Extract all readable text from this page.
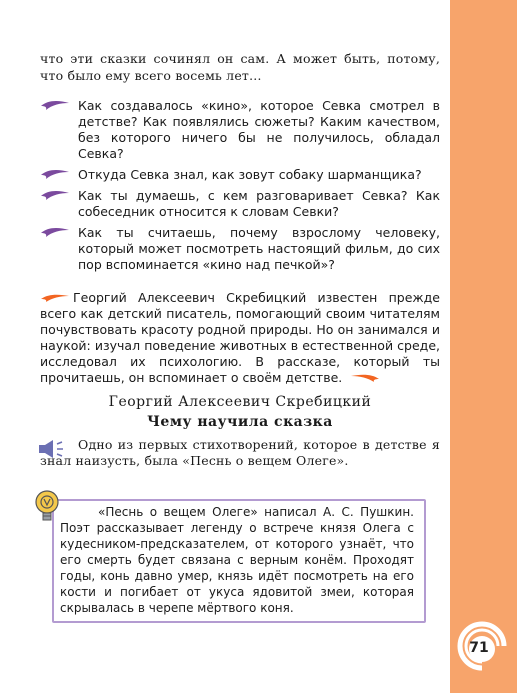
что эти сказки сочинял он сам. А может быть, потому, что было ему всего восемь лет…
Как создавалось «кино», которое Севка смотрел в детстве? Как появлялись сюжеты? Каким качеством, без которого ничего бы не получилось, обладал Севка?
Откуда Севка знал, как зовут собаку шарманщика?
Как ты думаешь, с кем разговаривает Севка? Как собеседник относится к словам Севки?
Как ты считаешь, почему взрослому человеку, который может посмотреть настоящий фильм, до сих пор вспоминается «кино над печкой»?
Георгий Алексеевич Скребицкий известен прежде всего как детский писатель, помогающий своим читателям почувствовать красоту родной природы. Но он занимался и наукой: изучал поведение животных в естественной среде, исследовал их психологию. В рассказе, который ты прочитаешь, он вспоминает о своём детстве.
Георгий Алексеевич Скребицкий
Чему научила сказка
Одно из первых стихотворений, которое в детстве я знал наизусть, была «Песнь о вещем Олеге».
«Песнь о вещем Олеге» написал А. С. Пушкин. Поэт рассказывает легенду о встрече князя Олега с кудесником-предсказателем, от которого узнаёт, что его смерть будет связана с верным конём. Проходят годы, конь давно умер, князь идёт посмотреть на его кости и погибает от укуса ядовитой змеи, которая скрывалась в черепе мёртвого коня.
71
